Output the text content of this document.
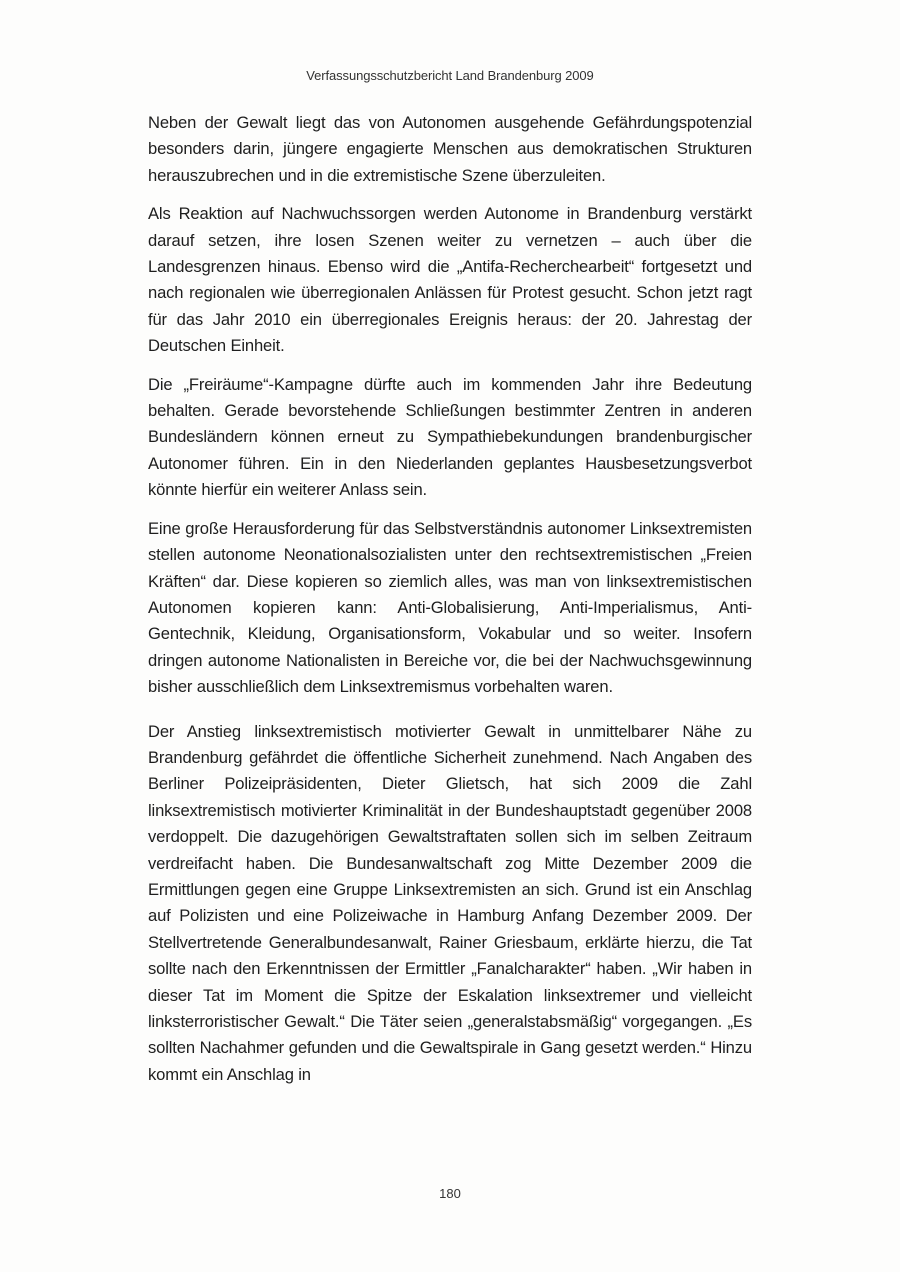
Verfassungsschutzbericht Land Brandenburg 2009

Neben der Gewalt liegt das von Autonomen ausgehende Gefährdungspotenzial besonders darin, jüngere engagierte Menschen aus demokratischen Strukturen herauszubrechen und in die extremistische Szene überzuleiten.

Als Reaktion auf Nachwuchssorgen werden Autonome in Brandenburg verstärkt darauf setzen, ihre losen Szenen weiter zu vernetzen – auch über die Landesgrenzen hinaus. Ebenso wird die „Antifa-Recherchearbeit“ fortgesetzt und nach regionalen wie überregionalen Anlässen für Protest gesucht. Schon jetzt ragt für das Jahr 2010 ein überregionales Ereignis heraus: der 20. Jahrestag der Deutschen Einheit.

Die „Freiräume“-Kampagne dürfte auch im kommenden Jahr ihre Bedeutung behalten. Gerade bevorstehende Schließungen bestimmter Zentren in anderen Bundesländern können erneut zu Sympathiebekundungen brandenburgischer Autonomer führen. Ein in den Niederlanden geplantes Hausbesetzungsverbot könnte hierfür ein weiterer Anlass sein.

Eine große Herausforderung für das Selbstverständnis autonomer Linksextremisten stellen autonome Neonationalsozialisten unter den rechtsextremistischen „Freien Kräften“ dar. Diese kopieren so ziemlich alles, was man von linksextremistischen Autonomen kopieren kann: Anti-Globalisierung, Anti-Imperialismus, Anti-Gentechnik, Kleidung, Organisationsform, Vokabular und so weiter. Insofern dringen autonome Nationalisten in Bereiche vor, die bei der Nachwuchsgewinnung bisher ausschließlich dem Linksextremismus vorbehalten waren.

Der Anstieg linksextremistisch motivierter Gewalt in unmittelbarer Nähe zu Brandenburg gefährdet die öffentliche Sicherheit zunehmend. Nach Angaben des Berliner Polizeipräsidenten, Dieter Glietsch, hat sich 2009 die Zahl linksextremistisch motivierter Kriminalität in der Bundeshauptstadt gegenüber 2008 verdoppelt. Die dazugehörigen Gewaltstraftaten sollen sich im selben Zeitraum verdreifacht haben. Die Bundesanwaltschaft zog Mitte Dezember 2009 die Ermittlungen gegen eine Gruppe Linksextremisten an sich. Grund ist ein Anschlag auf Polizisten und eine Polizeiwache in Hamburg Anfang Dezember 2009. Der Stellvertretende Generalbundesanwalt, Rainer Griesbaum, erklärte hierzu, die Tat sollte nach den Erkenntnissen der Ermittler „Fanalcharakter“ haben. „Wir haben in dieser Tat im Moment die Spitze der Eskalation linksextremer und vielleicht linksterroristischer Gewalt.“ Die Täter seien „generalstabsmäßig“ vorgegangen. „Es sollten Nachahmer gefunden und die Gewaltspirale in Gang gesetzt werden.“ Hinzu kommt ein Anschlag in

180
